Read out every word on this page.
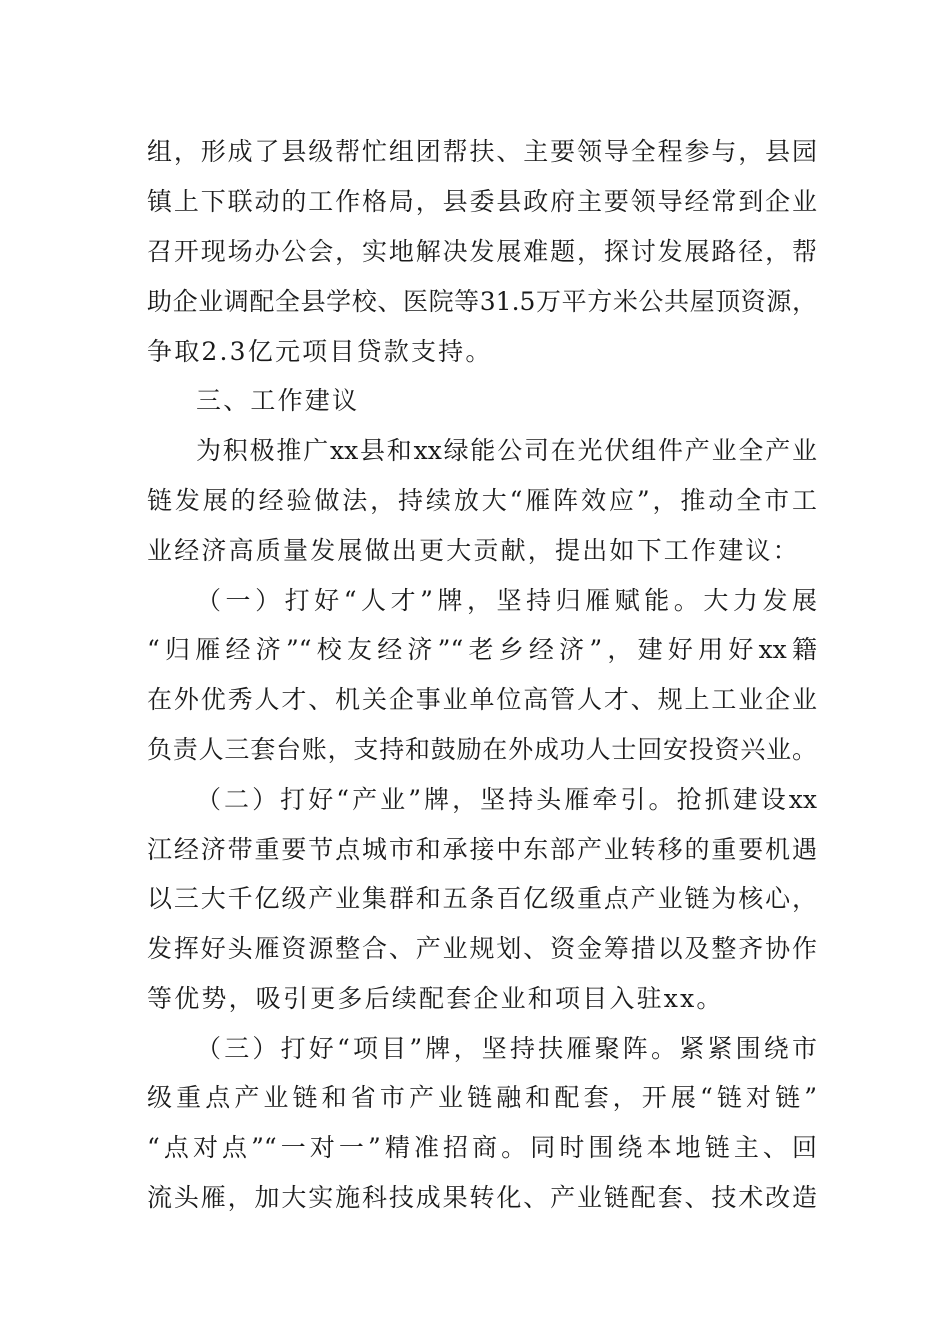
组，形成了县级帮忙组团帮扶、主要领导全程参与，县园

镇上下联动的工作格局，县委县政府主要领导经常到企业

召开现场办公会，实地解决发展难题，探讨发展路径，帮

助企业调配全县学校、医院等31.5万平方米公共屋顶资源，

争取2.3亿元项目贷款支持。

三、工作建议

为积极推广xx县和xx绿能公司在光伏组件产业全产业

链发展的经验做法，持续放大“雁阵效应”，推动全市工

业经济高质量发展做出更大贡献，提出如下工作建议：

（一）打好“人才”牌，坚持归雁赋能。大力发展

“归雁经济”“校友经济”“老乡经济”，建好用好xx籍

在外优秀人才、机关企事业单位高管人才、规上工业企业

负责人三套台账，支持和鼓励在外成功人士回安投资兴业。

（二）打好“产业”牌，坚持头雁牵引。抢抓建设xx

江经济带重要节点城市和承接中东部产业转移的重要机遇

以三大千亿级产业集群和五条百亿级重点产业链为核心，

发挥好头雁资源整合、产业规划、资金筹措以及整齐协作

等优势，吸引更多后续配套企业和项目入驻xx。

（三）打好“项目”牌，坚持扶雁聚阵。紧紧围绕市

级重点产业链和省市产业链融和配套，开展“链对链”

“点对点”“一对一”精准招商。同时围绕本地链主、回

流头雁，加大实施科技成果转化、产业链配套、技术改造
